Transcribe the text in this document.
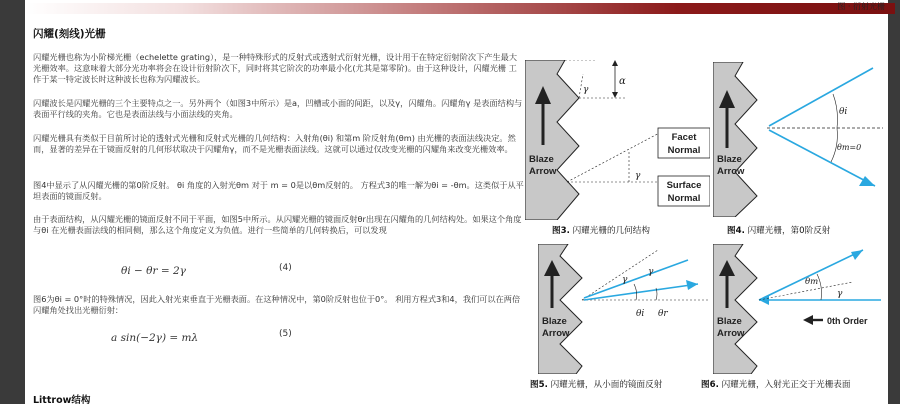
图 · 衍射光栅
闪耀(刻线)光栅

闪耀光栅也称为小阶梯光栅（echelette grating），是一种特殊形式的反射式或透射式衍射光栅，设计用于在特定衍射阶次下产生最大光栅效率。这意味着大部分光功率将会在设计衍射阶次下，同时将其它阶次的功率最小化(尤其是第零阶)。由于这种设计，闪耀光栅 工作于某一特定波长时这种波长也称为闪耀波长。

闪耀波长是闪耀光栅的三个主要特点之一。另外两个（如图3中所示）是a，凹槽或小面的间距，以及γ，闪耀角。闪耀角γ 是表面结构与表面平行线的夹角。它也是表面法线与小面法线的夹角。

闪耀光栅具有类似于目前所讨论的透射式光栅和反射式光栅的几何结构：入射角(θi) 和第m 阶反射角(θm) 由光栅的表面法线决定。然而，显著的差异在于镜面反射的几何形状取决于闪耀角γ，而不是光栅表面法线。这就可以通过仅改变光栅的闪耀角来改变光栅效率。

图4中显示了从闪耀光栅的第0阶反射。 θi 角度的入射光θm 对于 m = 0是以θm反射的。 方程式3的唯一解为θi = -θm。这类似于从平坦表面的镜面反射。

由于表面结构，从闪耀光栅的镜面反射不同于平面，如图5中所示。从闪耀光栅的镜面反射θr出现在闪耀角的几何结构处。如果这个角度与θi 在光栅表面法线的相同侧，那么这个角度定义为负值。进行一些简单的几何转换后，可以发现

θi − θr = 2γ	(4)

图6为θi = 0°时的特殊情况，因此入射光束垂直于光栅表面。在这种情况中，第0阶反射也位于0°。 利用方程式3和4，我们可以在两倍闪耀角处找出光栅衍射：

a sin(−2γ) = mλ	(5)
Littrow结构
Blaze
Arrow
α
γ
γ
Facet
Normal
Surface
Normal
图3. 闪耀光栅的几何结构
Blaze
Arrow
θi
θm=0
图4. 闪耀光栅，第0阶反射
Blaze
Arrow
γ
γ
θi θr
图5. 闪耀光栅，从小面的镜面反射
Blaze
Arrow
θm
γ
0th Order
图6. 闪耀光栅，入射光正交于光栅表面
